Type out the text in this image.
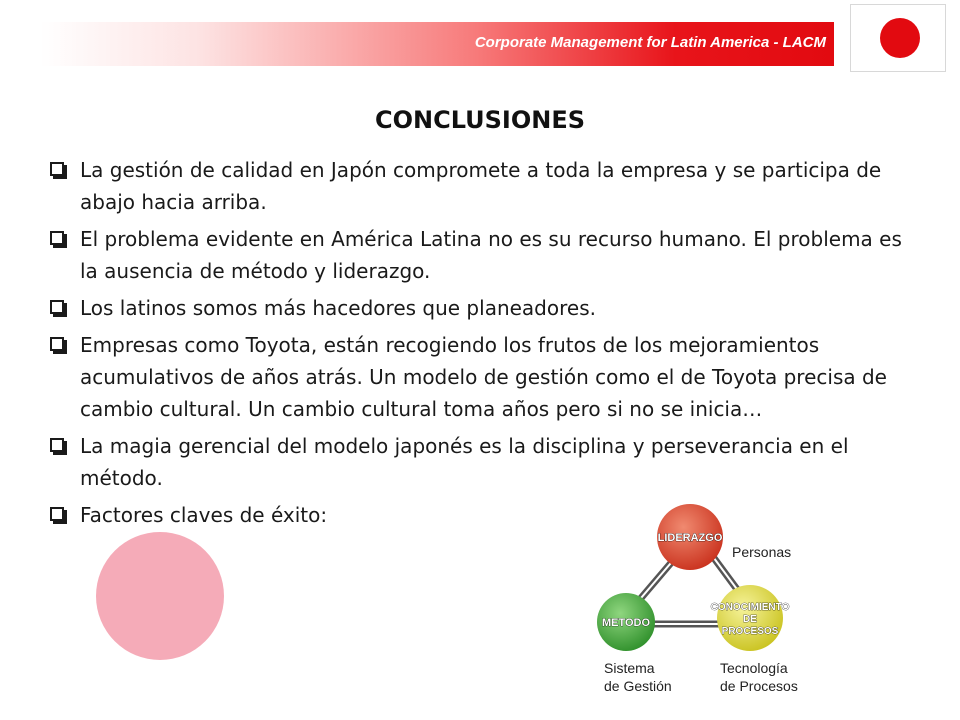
Corporate Management for Latin America - LACM
CONCLUSIONES
La gestión de calidad en Japón compromete a toda la empresa y se participa de abajo hacia arriba.
El problema evidente en América Latina no es su recurso humano. El problema es la ausencia de método y liderazgo.
Los latinos somos más hacedores que planeadores.
Empresas como Toyota, están recogiendo los frutos de los mejoramientos acumulativos de años atrás. Un modelo de gestión como el de Toyota precisa de cambio cultural. Un cambio cultural toma años pero si no se inicia…
La magia gerencial del modelo japonés es la disciplina y perseverancia en el método.
Factores claves de éxito:
LIDERAZGO
METODO
CONOCIMIENTO
DE
PROCESOS
Personas
Sistema
de Gestión
Tecnología
de Procesos
